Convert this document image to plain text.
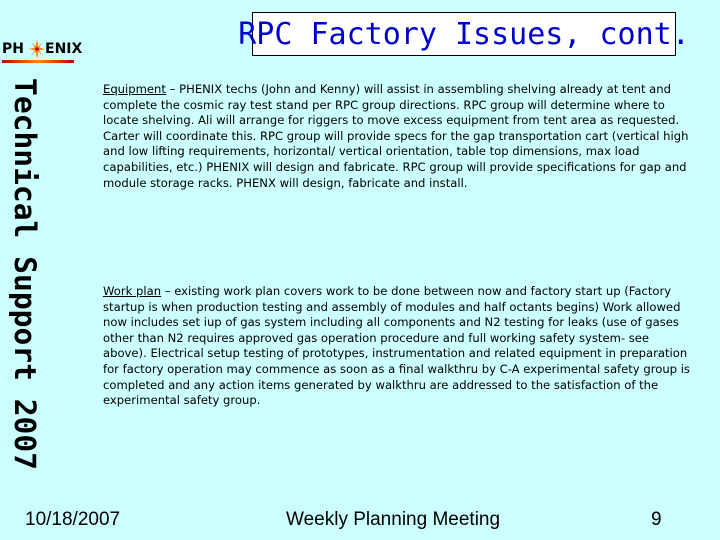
PH ENIX	RPC Factory Issues, cont.
Technical Support 2007	Equipment – PHENIX techs (John and Kenny) will assist in assembling shelving already at tent and complete the cosmic ray test stand per RPC group directions. RPC group will determine where to locate shelving. Ali will arrange for riggers to move excess equipment from tent area as requested. Carter will coordinate this. RPC group will provide specs for the gap transportation cart (vertical high and low lifting requirements, horizontal/ vertical orientation, table top dimensions, max load capabilities, etc.) PHENIX will design and fabricate. RPC group will provide specifications for gap and module storage racks. PHENX will design, fabricate and install.
Work plan – existing work plan covers work to be done between now and factory start up (Factory startup is when production testing and assembly of modules and half octants begins) Work allowed now includes set iup of gas system including all components and N2 testing for leaks (use of gases other than N2 requires approved gas operation procedure and full working safety system- see above). Electrical setup testing of prototypes, instrumentation and related equipment in preparation for factory operation may commence as soon as a final walkthru by C-A experimental safety group is completed and any action items generated by walkthru are addressed to the satisfaction of the experimental safety group.
10/18/2007	Weekly Planning Meeting	9
